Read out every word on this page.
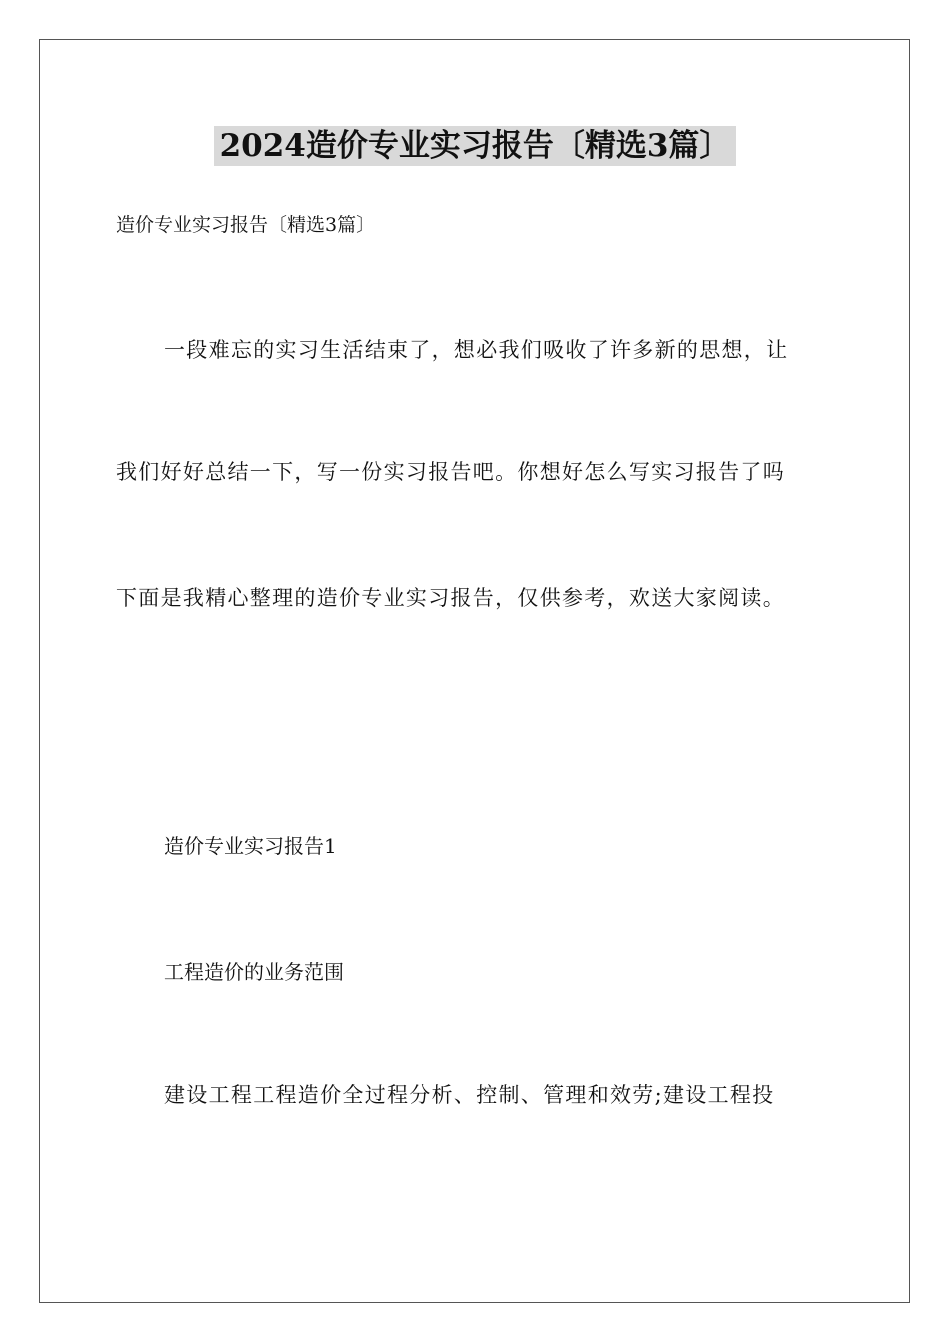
2024造价专业实习报告〔精选3篇〕

造价专业实习报告〔精选3篇〕

一段难忘的实习生活结束了，想必我们吸收了许多新的思想，让

我们好好总结一下，写一份实习报告吧。你想好怎么写实习报告了吗

下面是我精心整理的造价专业实习报告，仅供参考，欢送大家阅读。

造价专业实习报告1

工程造价的业务范围

建设工程工程造价全过程分析、控制、管理和效劳;建设工程投
